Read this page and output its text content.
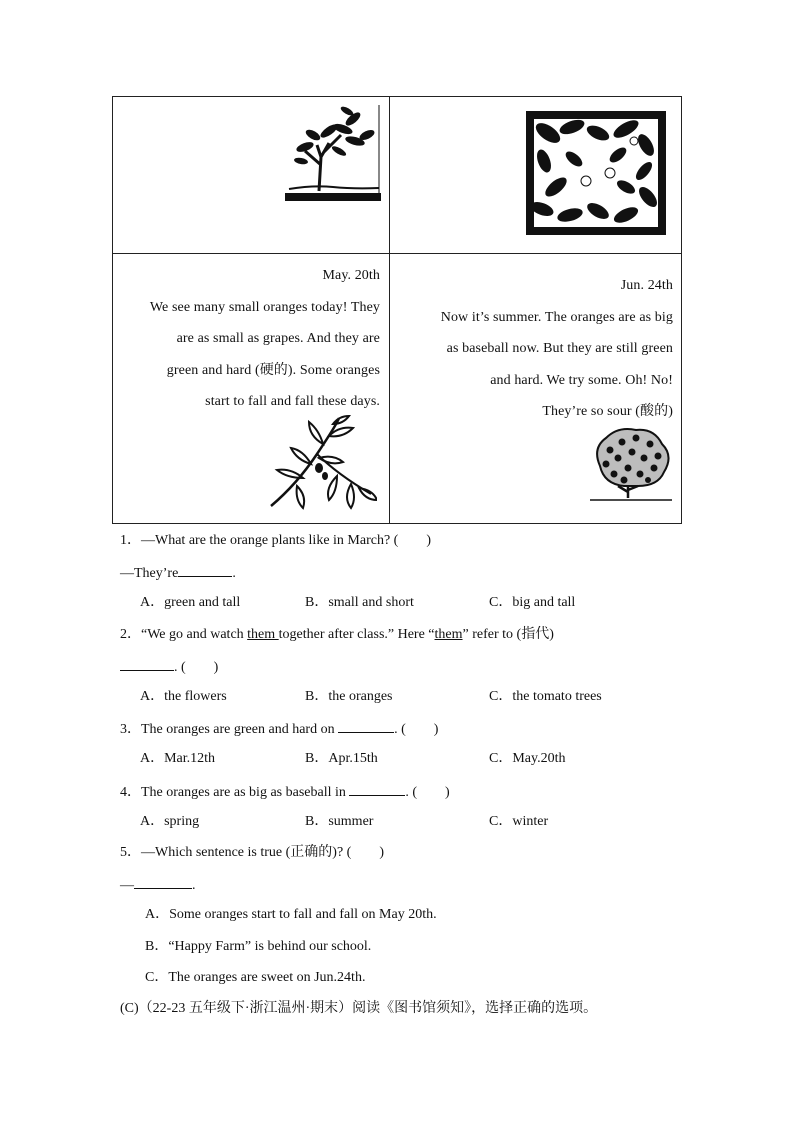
May. 20th
We see many small oranges today! They
are as small as grapes. And they are
green and hard (硬的). Some oranges
start to fall and fall these days.
Jun. 24th
Now it’s summer. The oranges are as big
as baseball now. But they are still green
and hard. We try some. Oh! No!
They’re so sour (酸的)
1．—What are the orange plants like in March? (　　)
—They’re	.
A．green and tall	B．small and short	C．big and tall
2．“We go and watch them together after class.” Here “them” refer to (指代)
. (　　)
A．the flowers	B．the oranges	C．the tomato trees
3．The oranges are green and hard on	. (　　)
A．Mar.12th	B．Apr.15th	C．May.20th
4．The oranges are as big as baseball in	. (　　)
A．spring	B．summer	C．winter
5．—Which sentence is true (正确的)? (　　)
—	.
A．Some oranges start to fall and fall on May 20th.
B．“Happy Farm” is behind our school.
C．The oranges are sweet on Jun.24th.
(C)（22-23 五年级下·浙江温州·期末）阅读《图书馆须知》，选择正确的选项。
